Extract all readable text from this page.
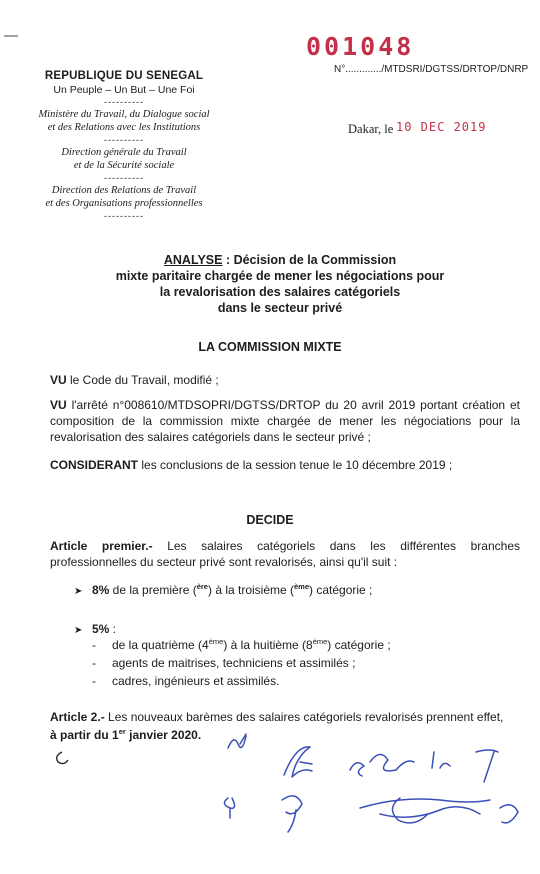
REPUBLIQUE DU SENEGAL
Un Peuple – Un But – Une Foi
----------
Ministère du Travail, du Dialogue social
et des Relations avec les Institutions
----------
Direction générale du Travail
et de la Sécurité sociale
----------
Direction des Relations de Travail
et des Organisations professionnelles
----------
001048
N°............./MTDSRI/DGTSS/DRTOP/DNRP
Dakar, le 10 DEC 2019
ANALYSE : Décision de la Commission
mixte paritaire chargée de mener les négociations pour
la revalorisation des salaires catégoriels
dans le secteur privé
LA COMMISSION MIXTE
VU le Code du Travail, modifié ;
VU l'arrêté n°008610/MTDSOPRI/DGTSS/DRTOP du 20 avril 2019 portant création et composition de la commission mixte chargée de mener les négociations pour la revalorisation des salaires catégoriels dans le secteur privé ;
CONSIDERANT les conclusions de la session tenue le 10 décembre 2019 ;
DECIDE
Article premier.- Les salaires catégoriels dans les différentes branches professionnelles du secteur privé sont revalorisés, ainsi qu'il suit :
➤ 8% de la première ($^{ère}$) à la troisième ($^{ème}$) catégorie ;
➤ 5% :
-	de la quatrième (4ème) à la huitième (8ème) catégorie ;
-	agents de maitrises, techniciens et assimilés ;
-	cadres, ingénieurs et assimilés.
Article 2.- Les nouveaux barèmes des salaires catégoriels revalorisés prennent effet,
à partir du 1er janvier 2020.
